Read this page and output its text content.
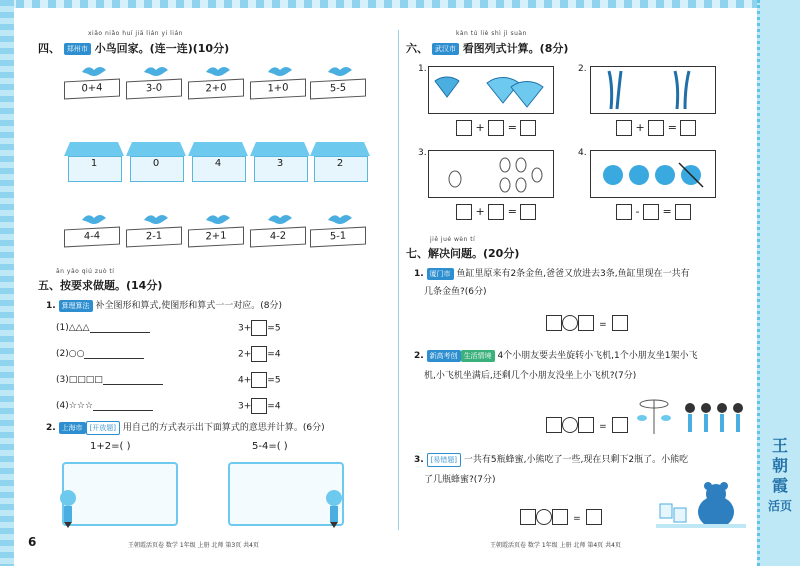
xiǎo niǎo huí jiā lián yi lián
四、 郑州市 小鸟回家。(连一连)(10分)
0+4	3-0	2+0	1+0	5-5
1	0	4	3	2
4-4	2-1	2+1	4-2	5-1
ān yāo qiú zuò tí
五、按要求做题。(14分)
1. 算理算法 补全图形和算式,使图形和算式一一对应。(8分)
(1)△△△	3+ =5
(2)○○	2+ =4
(3)□□□□	4+ =5
(4)☆☆☆	3+ =4
2. 上海市 [开放题] 用自己的方式表示出下面算式的意思并计算。(6分)
1+2=( )	5-4=( )
6	王朝霞活页卷 数学 1年级 上册 北师 第3页 共4页
kàn tú liè shì jì suàn
六、 武汉市 看图列式计算。(8分)
1.
+  =
2.
+  =
3.
+  =
4.
-  =
jiě jué wèn tí
七、解决问题。(20分)
1. 厦门市 鱼缸里原来有2条金鱼,爸爸又放进去3条,鱼缸里现在一共有
几条金鱼?(6分)
=
2. 新高考创 生活情境 4个小朋友要去坐旋转小飞机,1个小朋友坐1架小飞
机,小飞机坐满后,还剩几个小朋友没坐上小飞机?(7分)
=
3. [易错题] 一共有5瓶蜂蜜,小熊吃了一些,现在只剩下2瓶了。小熊吃
了几瓶蜂蜜?(7分)
=
王朝霞活页卷 数学 1年级 上册 北师 第4页 共4页
王
朝
霞
活页
